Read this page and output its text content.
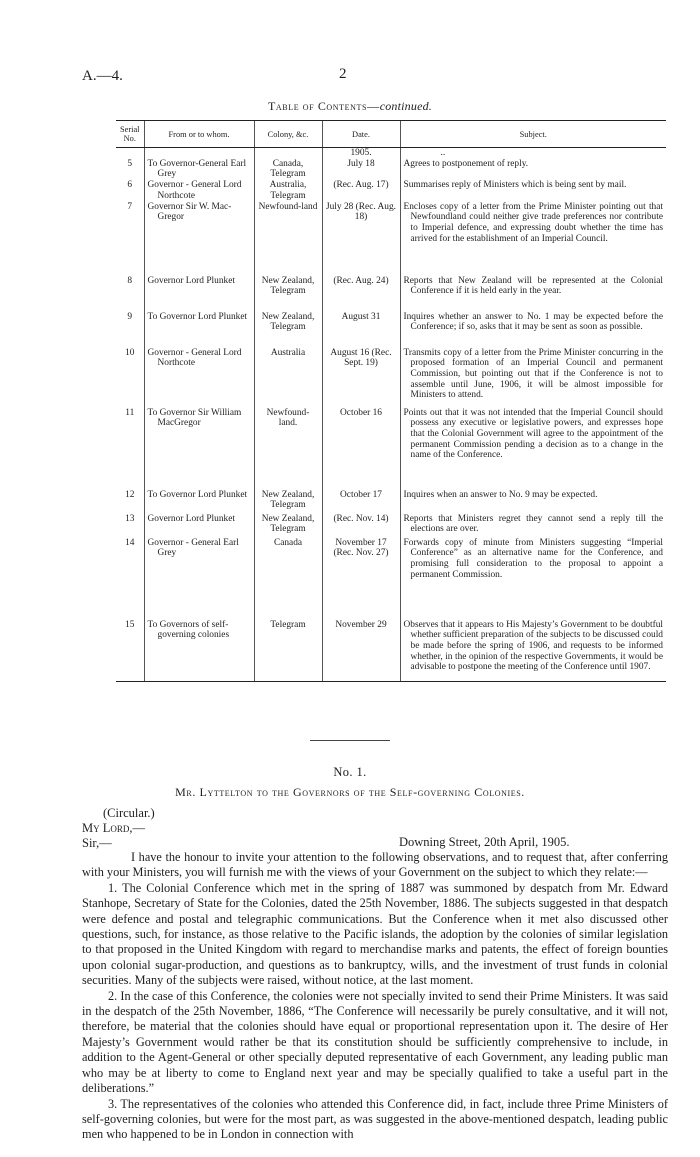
A.—4.	2
Table of Contents—continued.
Serial No.	From or to whom.	Colony, &c.	Date.	Subject.
			1905.	..
5	To Governor-General Earl Grey	Canada, Telegram	July 18	Agrees to postponement of reply.

6	Governor - General Lord Northcote	Australia, Telegram	(Rec. Aug. 17)	Summarises reply of Ministers which is being sent by mail.

7	Governor Sir W. Mac-Gregor	Newfound-land	July 28 (Rec. Aug. 18)	Encloses copy of a letter from the Prime Minister pointing out that Newfoundland could neither give trade preferences nor contribute to Imperial defence, and expressing doubt whether the time has arrived for the establishment of an Imperial Council.

8	Governor Lord Plunket	New Zealand, Telegram	(Rec. Aug. 24)	Reports that New Zealand will be represented at the Colonial Conference if it is held early in the year.

9	To Governor Lord Plunket	New Zealand, Telegram	August 31	Inquires whether an answer to No. 1 may be expected before the Conference; if so, asks that it may be sent as soon as possible.

10	Governor - General Lord Northcote	Australia	August 16 (Rec. Sept. 19)	Transmits copy of a letter from the Prime Minister concurring in the proposed formation of an Imperial Council and permanent Commission, but pointing out that if the Conference is not to assemble until June, 1906, it will be almost impossible for Ministers to attend.

11	To Governor Sir William MacGregor	Newfound-land.	October 16	Points out that it was not intended that the Imperial Council should possess any executive or legislative powers, and expresses hope that the Colonial Government will agree to the appointment of the permanent Commission pending a decision as to a change in the name of the Conference.

12	To Governor Lord Plunket	New Zealand, Telegram	October 17	Inquires when an answer to No. 9 may be expected.

13	Governor Lord Plunket	New Zealand, Telegram	(Rec. Nov. 14)	Reports that Ministers regret they cannot send a reply till the elections are over.

14	Governor - General Earl Grey	Canada	November 17 (Rec. Nov. 27)	Forwards copy of minute from Ministers suggesting “Imperial Conference” as an alternative name for the Conference, and promising full consideration to the proposal to appoint a permanent Commission.

15	To Governors of self-governing colonies	Telegram	November 29	Observes that it appears to His Majesty’s Government to be doubtful whether sufficient preparation of the subjects to be discussed could be made before the spring of 1906, and requests to be informed whether, in the opinion of the respective Governments, it would be advisable to postpone the meeting of the Conference until 1907.
No. 1.
Mr. Lyttelton to the Governors of the Self-governing Colonies.
(Circular.)
My Lord,—
Sir,—	Downing Street, 20th April, 1905.

I have the honour to invite your attention to the following observations, and to request that, after conferring with your Ministers, you will furnish me with the views of your Government on the subject to which they relate:—

1. The Colonial Conference which met in the spring of 1887 was summoned by despatch from Mr. Edward Stanhope, Secretary of State for the Colonies, dated the 25th November, 1886. The subjects suggested in that despatch were defence and postal and telegraphic communications. But the Conference when it met also discussed other questions, such, for instance, as those relative to the Pacific islands, the adoption by the colonies of similar legislation to that proposed in the United Kingdom with regard to merchandise marks and patents, the effect of foreign bounties upon colonial sugar-production, and questions as to bankruptcy, wills, and the investment of trust funds in colonial securities. Many of the subjects were raised, without notice, at the last moment.

2. In the case of this Conference, the colonies were not specially invited to send their Prime Ministers. It was said in the despatch of the 25th November, 1886, “The Conference will necessarily be purely consultative, and it will not, therefore, be material that the colonies should have equal or proportional representation upon it. The desire of Her Majesty’s Government would rather be that its constitution should be sufficiently comprehensive to include, in addition to the Agent-General or other specially deputed representative of each Government, any leading public man who may be at liberty to come to England next year and may be specially qualified to take a useful part in the deliberations.”

3. The representatives of the colonies who attended this Conference did, in fact, include three Prime Ministers of self-governing colonies, but were for the most part, as was suggested in the above-mentioned despatch, leading public men who happened to be in London in connection with
